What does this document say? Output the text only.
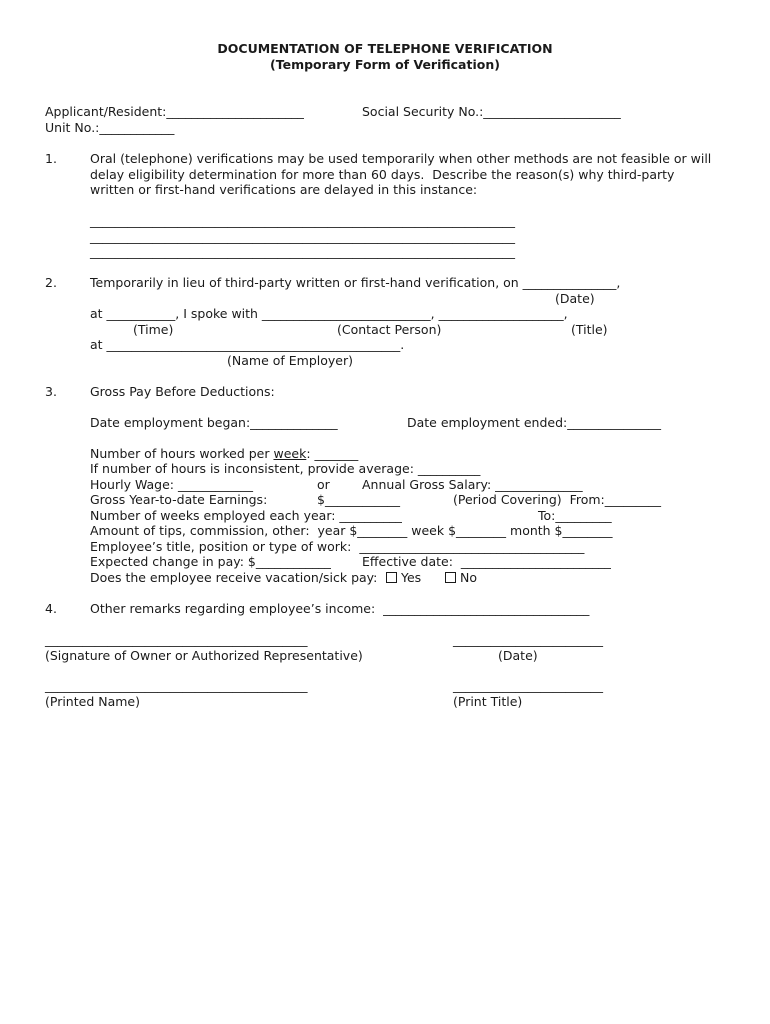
DOCUMENTATION OF TELEPHONE VERIFICATION
(Temporary Form of Verification)
Applicant/Resident:______________________	Social Security No.:______________________
Unit No.:____________
1.	Oral (telephone) verifications may be used temporarily when other methods are not feasible or will
delay eligibility determination for more than 60 days.  Describe the reason(s) why third-party
written or first-hand verifications are delayed in this instance:
____________________________________________________________________
____________________________________________________________________
____________________________________________________________________
2.	Temporarily in lieu of third-party written or first-hand verification, on _______________,
(Date)
at ___________, I spoke with ___________________________, ____________________,
(Time)	(Contact Person)	(Title)
at _______________________________________________.
(Name of Employer)
3.	Gross Pay Before Deductions:
Date employment began:______________	Date employment ended:_______________
Number of hours worked per week: _______
If number of hours is inconsistent, provide average: __________
Hourly Wage: ____________	or	Annual Gross Salary: ______________
Gross Year-to-date Earnings:	$____________	(Period Covering)  From:_________
Number of weeks employed each year: __________	To:_________
Amount of tips, commission, other:  year $________ week $________ month $________
Employee’s title, position or type of work:  ____________________________________
Expected change in pay: $____________ Effective date:  ________________________
Does the employee receive vacation/sick pay:	Yes	No
4.	Other remarks regarding employee’s income:  _________________________________
__________________________________________	________________________
(Signature of Owner or Authorized Representative)	(Date)
__________________________________________	________________________
(Printed Name)	(Print Title)
